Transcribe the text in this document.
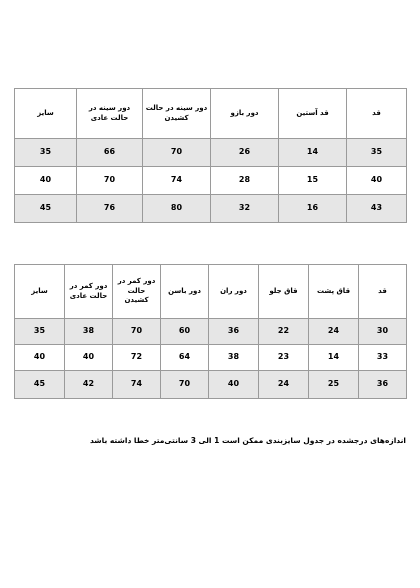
قد	قد آستین	دور بازو	دور سینه در حالت کشیدن	دور سینه در حالت عادی	سایز
35	14	26	70	66	35
40	15	28	74	70	40
43	16	32	80	76	45
قد	قاق پشت	قاق جلو	دور ران	دور باسن	دور کمر در حالت کشیدن	دور کمر در حالت عادی	سایز
30	24	22	36	60	70	38	35
33	14	23	38	64	72	40	40
36	25	24	40	70	74	42	45
اندازه‌های درجشده در جدول سایزبندی ممکن است 1 الی 3 سانتی‌متر خطا داشته باشد
